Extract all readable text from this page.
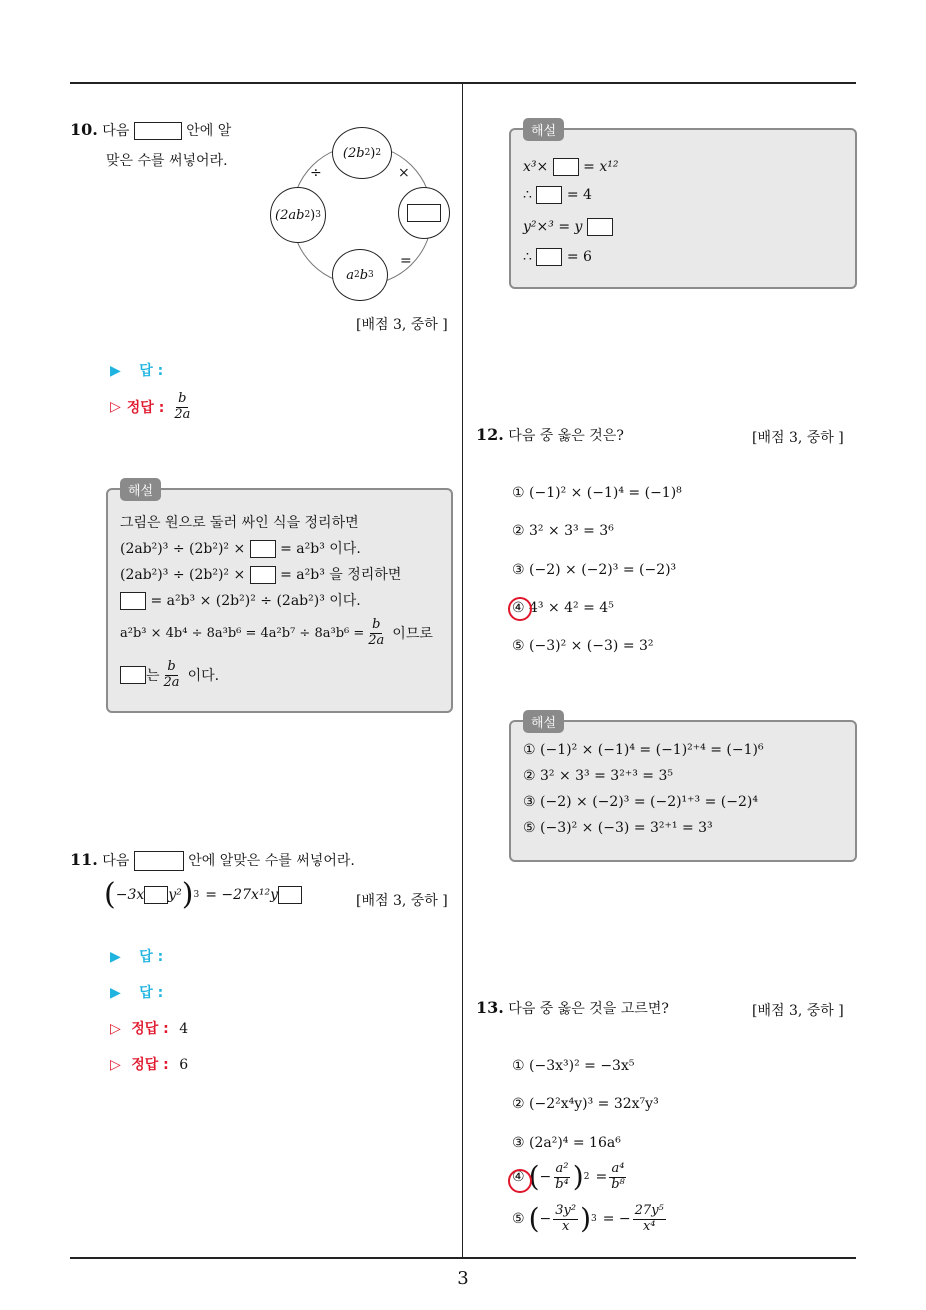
3
10. 다음	안에 알
맞은 수를 써넣어라.	(2b 2 ) 2
(2ab 2 ) 3
a 2 b 3
÷	×
=
[배점 3, 중하 ]
▶ 답 :
▷ 정답 : $\frac{b}{2a}$
해설
그림은 원으로 둘러 싸인 식을 정리하면
(2ab²)³ ÷ (2b²)² × = a²b³ 이다.
(2ab²)³ ÷ (2b²)² × = a²b³ 을 정리하면
= a²b³ × (2b²)² ÷ (2ab²)³ 이다.
$a^2b^3 \times 4b^4 \div 8a^3b^6 = 4a^2b^7 \div 8a^3b^6 = \frac{b}{2a}$ 이므로
는 $\frac{b}{2a}$ 이다.
11. 다음	안에 알맞은 수를 써넣어라.
( −3x y² ) 3 = −27x¹²y	[배점 3, 중하 ]
▶ 답 :
▶ 답 :
▷ 정답 : 4
▷ 정답 : 6
해설
x³× = x¹²
∴ = 4
y²×³ = y
∴ = 6
12. 다음 중 옳은 것은?	[배점 3, 중하 ]
① (−1)² × (−1)⁴ = (−1)⁸
② 3² × 3³ = 3⁶
③ (−2) × (−2)³ = (−2)³
④ 4³ × 4² = 4⁵
⑤ (−3)² × (−3) = 3²
해설
① (−1)² × (−1)⁴ = (−1)²⁺⁴ = (−1)⁶
② 3² × 3³ = 3²⁺³ = 3⁵
③ (−2) × (−2)³ = (−2)¹⁺³ = (−2)⁴
⑤ (−3)² × (−3) = 3²⁺¹ = 3³
13. 다음 중 옳은 것을 고르면?	[배점 3, 중하 ]
① (−3x³)² = −3x⁵
② (−2²x⁴y)³ = 32x⁷y³
③ (2a²)⁴ = 16a⁶
④ ( − $\frac{\text{a²}}{\text{b⁴}}$ ) $2 = \frac{\text{a⁴}}{\text{b⁸}}$
⑤ ( − $\frac{\text{3y²}}{x}$ ) 3 = − $\frac{\text{27y⁵}}{\text{x⁴}}$
